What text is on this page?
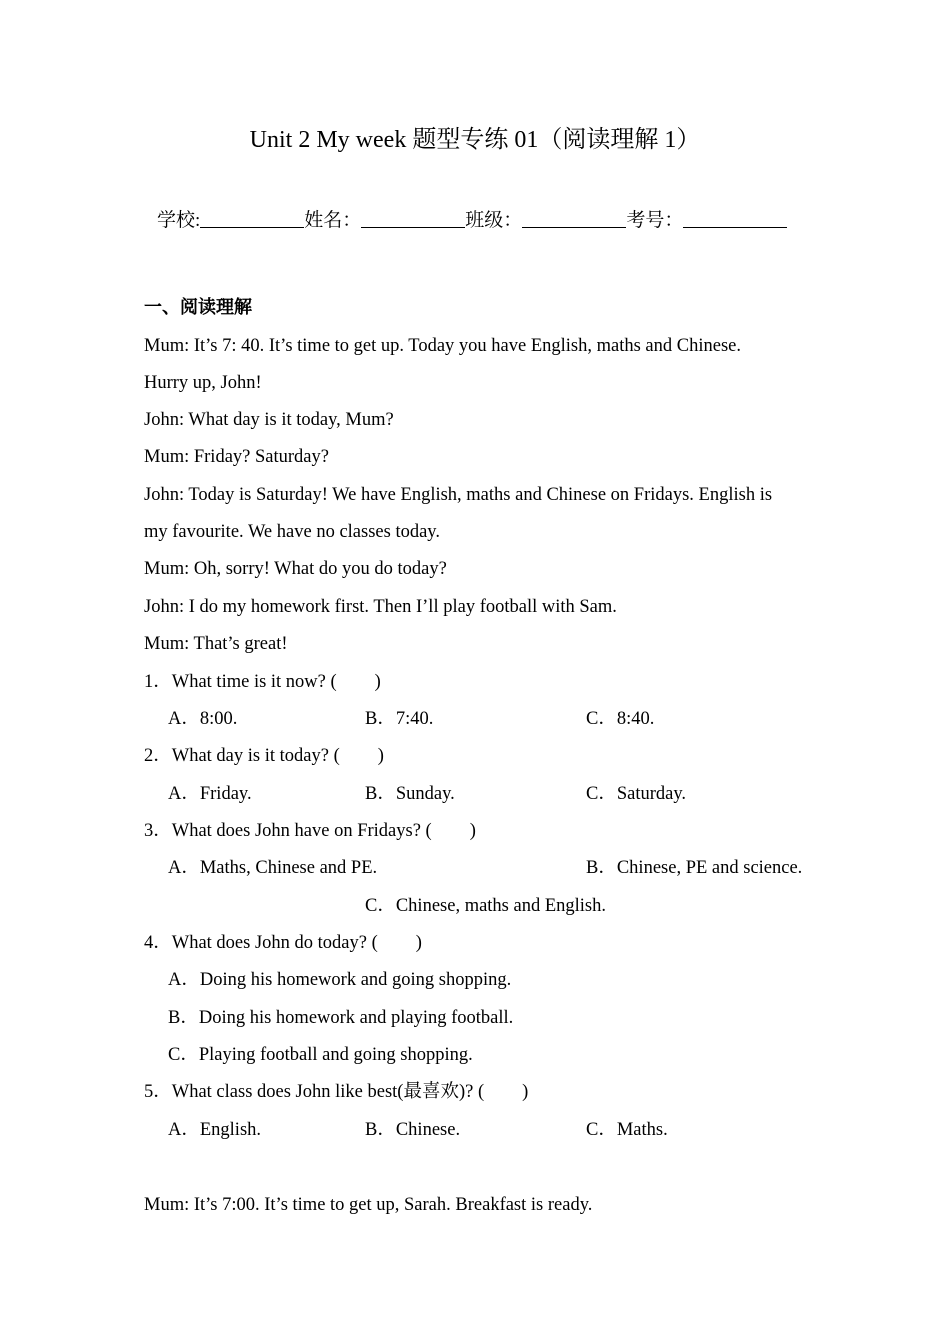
Unit 2 My week 题型专练 01（阅读理解 1）
学校:	姓名：	班级：	考号：
一、阅读理解
Mum: It’s 7: 40. It’s time to get up. Today you have English, maths and Chinese.
Hurry up, John!
John: What day is it today, Mum?
Mum: Friday? Saturday?
John: Today is Saturday! We have English, maths and Chinese on Fridays. English is
my favourite. We have no classes today.
Mum: Oh, sorry! What do you do today?
John: I do my homework first. Then I’ll play football with Sam.
Mum: That’s great!
1．What time is it now? ( )
A．8:00.	B．7:40.	C．8:40.
2．What day is it today? ( )
A．Friday.	B．Sunday.	C．Saturday.
3．What does John have on Fridays? ( )
A．Maths, Chinese and PE.	B．Chinese, PE and science.
C．Chinese, maths and English.
4．What does John do today? ( )
A．Doing his homework and going shopping.
B．Doing his homework and playing football.
C．Playing football and going shopping.
5．What class does John like best(最喜欢)? ( )
A．English.	B．Chinese.	C．Maths.
Mum: It’s 7:00. It’s time to get up, Sarah. Breakfast is ready.
